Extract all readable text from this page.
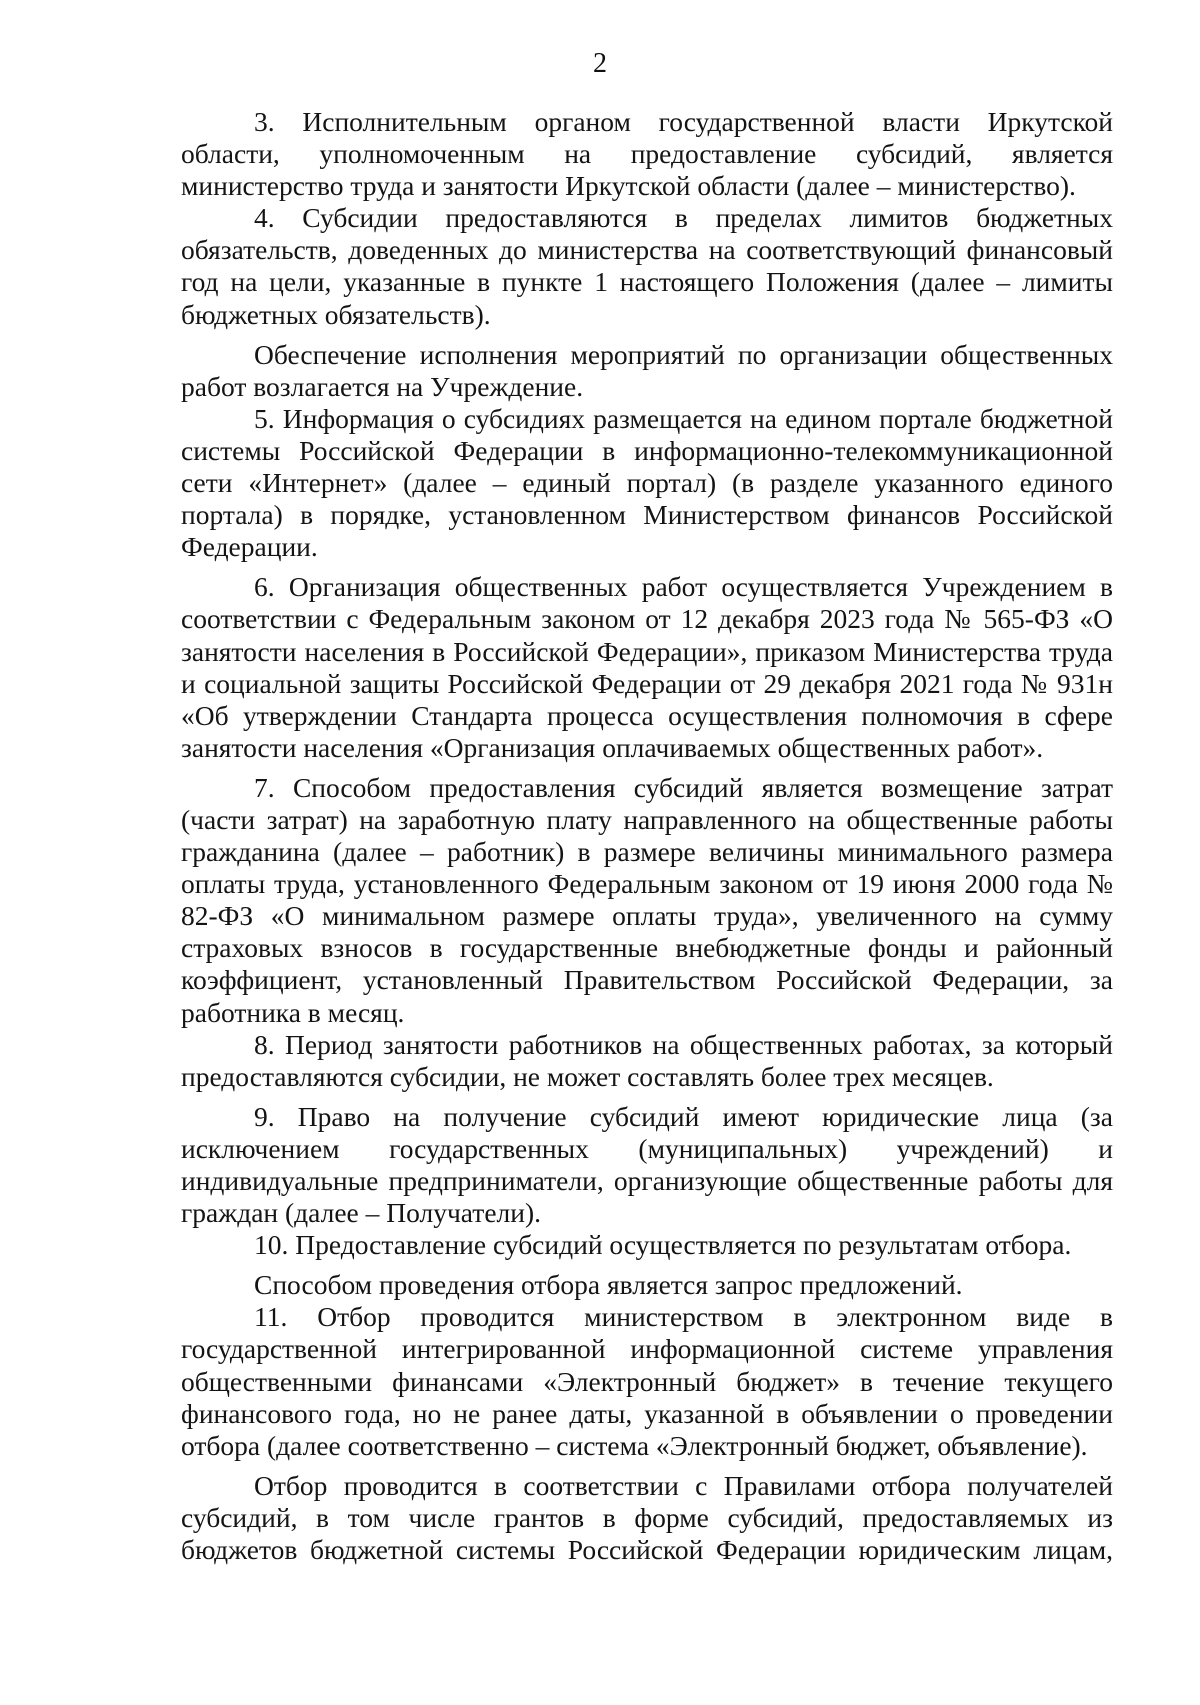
2

3. Исполнительным органом государственной власти Иркутской области, уполномоченным на предоставление субсидий, является министерство труда и занятости Иркутской области (далее – министерство).

4. Субсидии предоставляются в пределах лимитов бюджетных обязательств, доведенных до министерства на соответствующий финансовый год на цели, указанные в пункте 1 настоящего Положения (далее – лимиты бюджетных обязательств).

Обеспечение исполнения мероприятий по организации общественных работ возлагается на Учреждение.

5. Информация о субсидиях размещается на едином портале бюджетной системы Российской Федерации в информационно-телекоммуникационной сети «Интернет» (далее – единый портал) (в разделе указанного единого портала) в порядке, установленном Министерством финансов Российской Федерации.

6. Организация общественных работ осуществляется Учреждением в соответствии с Федеральным законом от 12 декабря 2023 года № 565-ФЗ «О занятости населения в Российской Федерации», приказом Министерства труда и социальной защиты Российской Федерации от 29 декабря 2021 года № 931н «Об утверждении Стандарта процесса осуществления полномочия в сфере занятости населения «Организация оплачиваемых общественных работ».

7. Способом предоставления субсидий является возмещение затрат (части затрат) на заработную плату направленного на общественные работы гражданина (далее – работник) в размере величины минимального размера оплаты труда, установленного Федеральным законом от 19 июня 2000 года № 82-ФЗ «О минимальном размере оплаты труда», увеличенного на сумму страховых взносов в государственные внебюджетные фонды и районный коэффициент, установленный Правительством Российской Федерации, за работника в месяц.

8. Период занятости работников на общественных работах, за который предоставляются субсидии, не может составлять более трех месяцев.

9. Право на получение субсидий имеют юридические лица (за исключением государственных (муниципальных) учреждений) и индивидуальные предприниматели, организующие общественные работы для граждан (далее – Получатели).

10. Предоставление субсидий осуществляется по результатам отбора.

Способом проведения отбора является запрос предложений.

11. Отбор проводится министерством в электронном виде в государственной интегрированной информационной системе управления общественными финансами «Электронный бюджет» в течение текущего финансового года, но не ранее даты, указанной в объявлении о проведении отбора (далее соответственно – система «Электронный бюджет, объявление).

Отбор проводится в соответствии с Правилами отбора получателей субсидий, в том числе грантов в форме субсидий, предоставляемых из бюджетов бюджетной системы Российской Федерации юридическим лицам,
